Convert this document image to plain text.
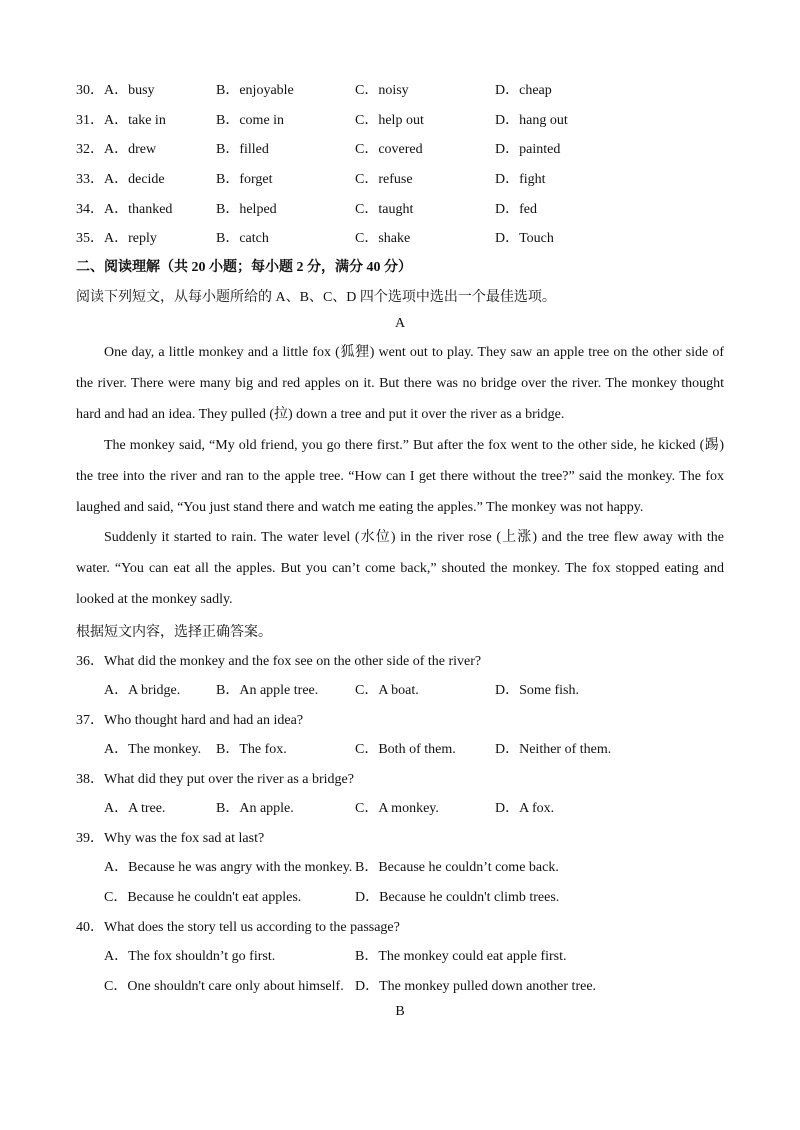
30． A．busy	B．enjoyable	C．noisy	D．cheap
31． A．take in	B．come in	C．help out	D．hang out
32． A．drew	B．filled	C．covered	D．painted
33． A．decide	B．forget	C．refuse	D．fight
34． A．thanked	B．helped	C．taught	D．fed
35． A．reply	B．catch	C．shake	D．Touch
二、阅读理解（共 20 小题；每小题 2 分，满分 40 分）
阅读下列短文，从每小题所给的 A、B、C、D 四个选项中选出一个最佳选项。
A
One day, a little monkey and a little fox (狐狸) went out to play. They saw an apple tree on the other side of the river. There were many big and red apples on it. But there was no bridge over the river. The monkey thought hard and had an idea. They pulled (拉) down a tree and put it over the river as a bridge.
The monkey said, “My old friend, you go there first.” But after the fox went to the other side, he kicked (踢) the tree into the river and ran to the apple tree. “How can I get there without the tree?” said the monkey. The fox laughed and said, “You just stand there and watch me eating the apples.” The monkey was not happy.
Suddenly it started to rain. The water level (水位) in the river rose (上涨) and the tree flew away with the water. “You can eat all the apples. But you can’t come back,” shouted the monkey. The fox stopped eating and looked at the monkey sadly.
根据短文内容，选择正确答案。
36．What did the monkey and the fox see on the other side of the river?
A．A bridge.	B．An apple tree.	C．A boat.	D．Some fish.
37．Who thought hard and had an idea?
A．The monkey. B．The fox.	C．Both of them.	D．Neither of them.
38．What did they put over the river as a bridge?
A．A tree.	B．An apple.	C．A monkey.	D．A fox.
39．Why was the fox sad at last?
A．Because he was angry with the monkey. B．Because he couldn’t come back.
C．Because he couldn't eat apples.	D．Because he couldn't climb trees.
40．What does the story tell us according to the passage?
A．The fox shouldn’t go first.	B．The monkey could eat apple first.
C．One shouldn't care only about himself. D．The monkey pulled down another tree.
B
